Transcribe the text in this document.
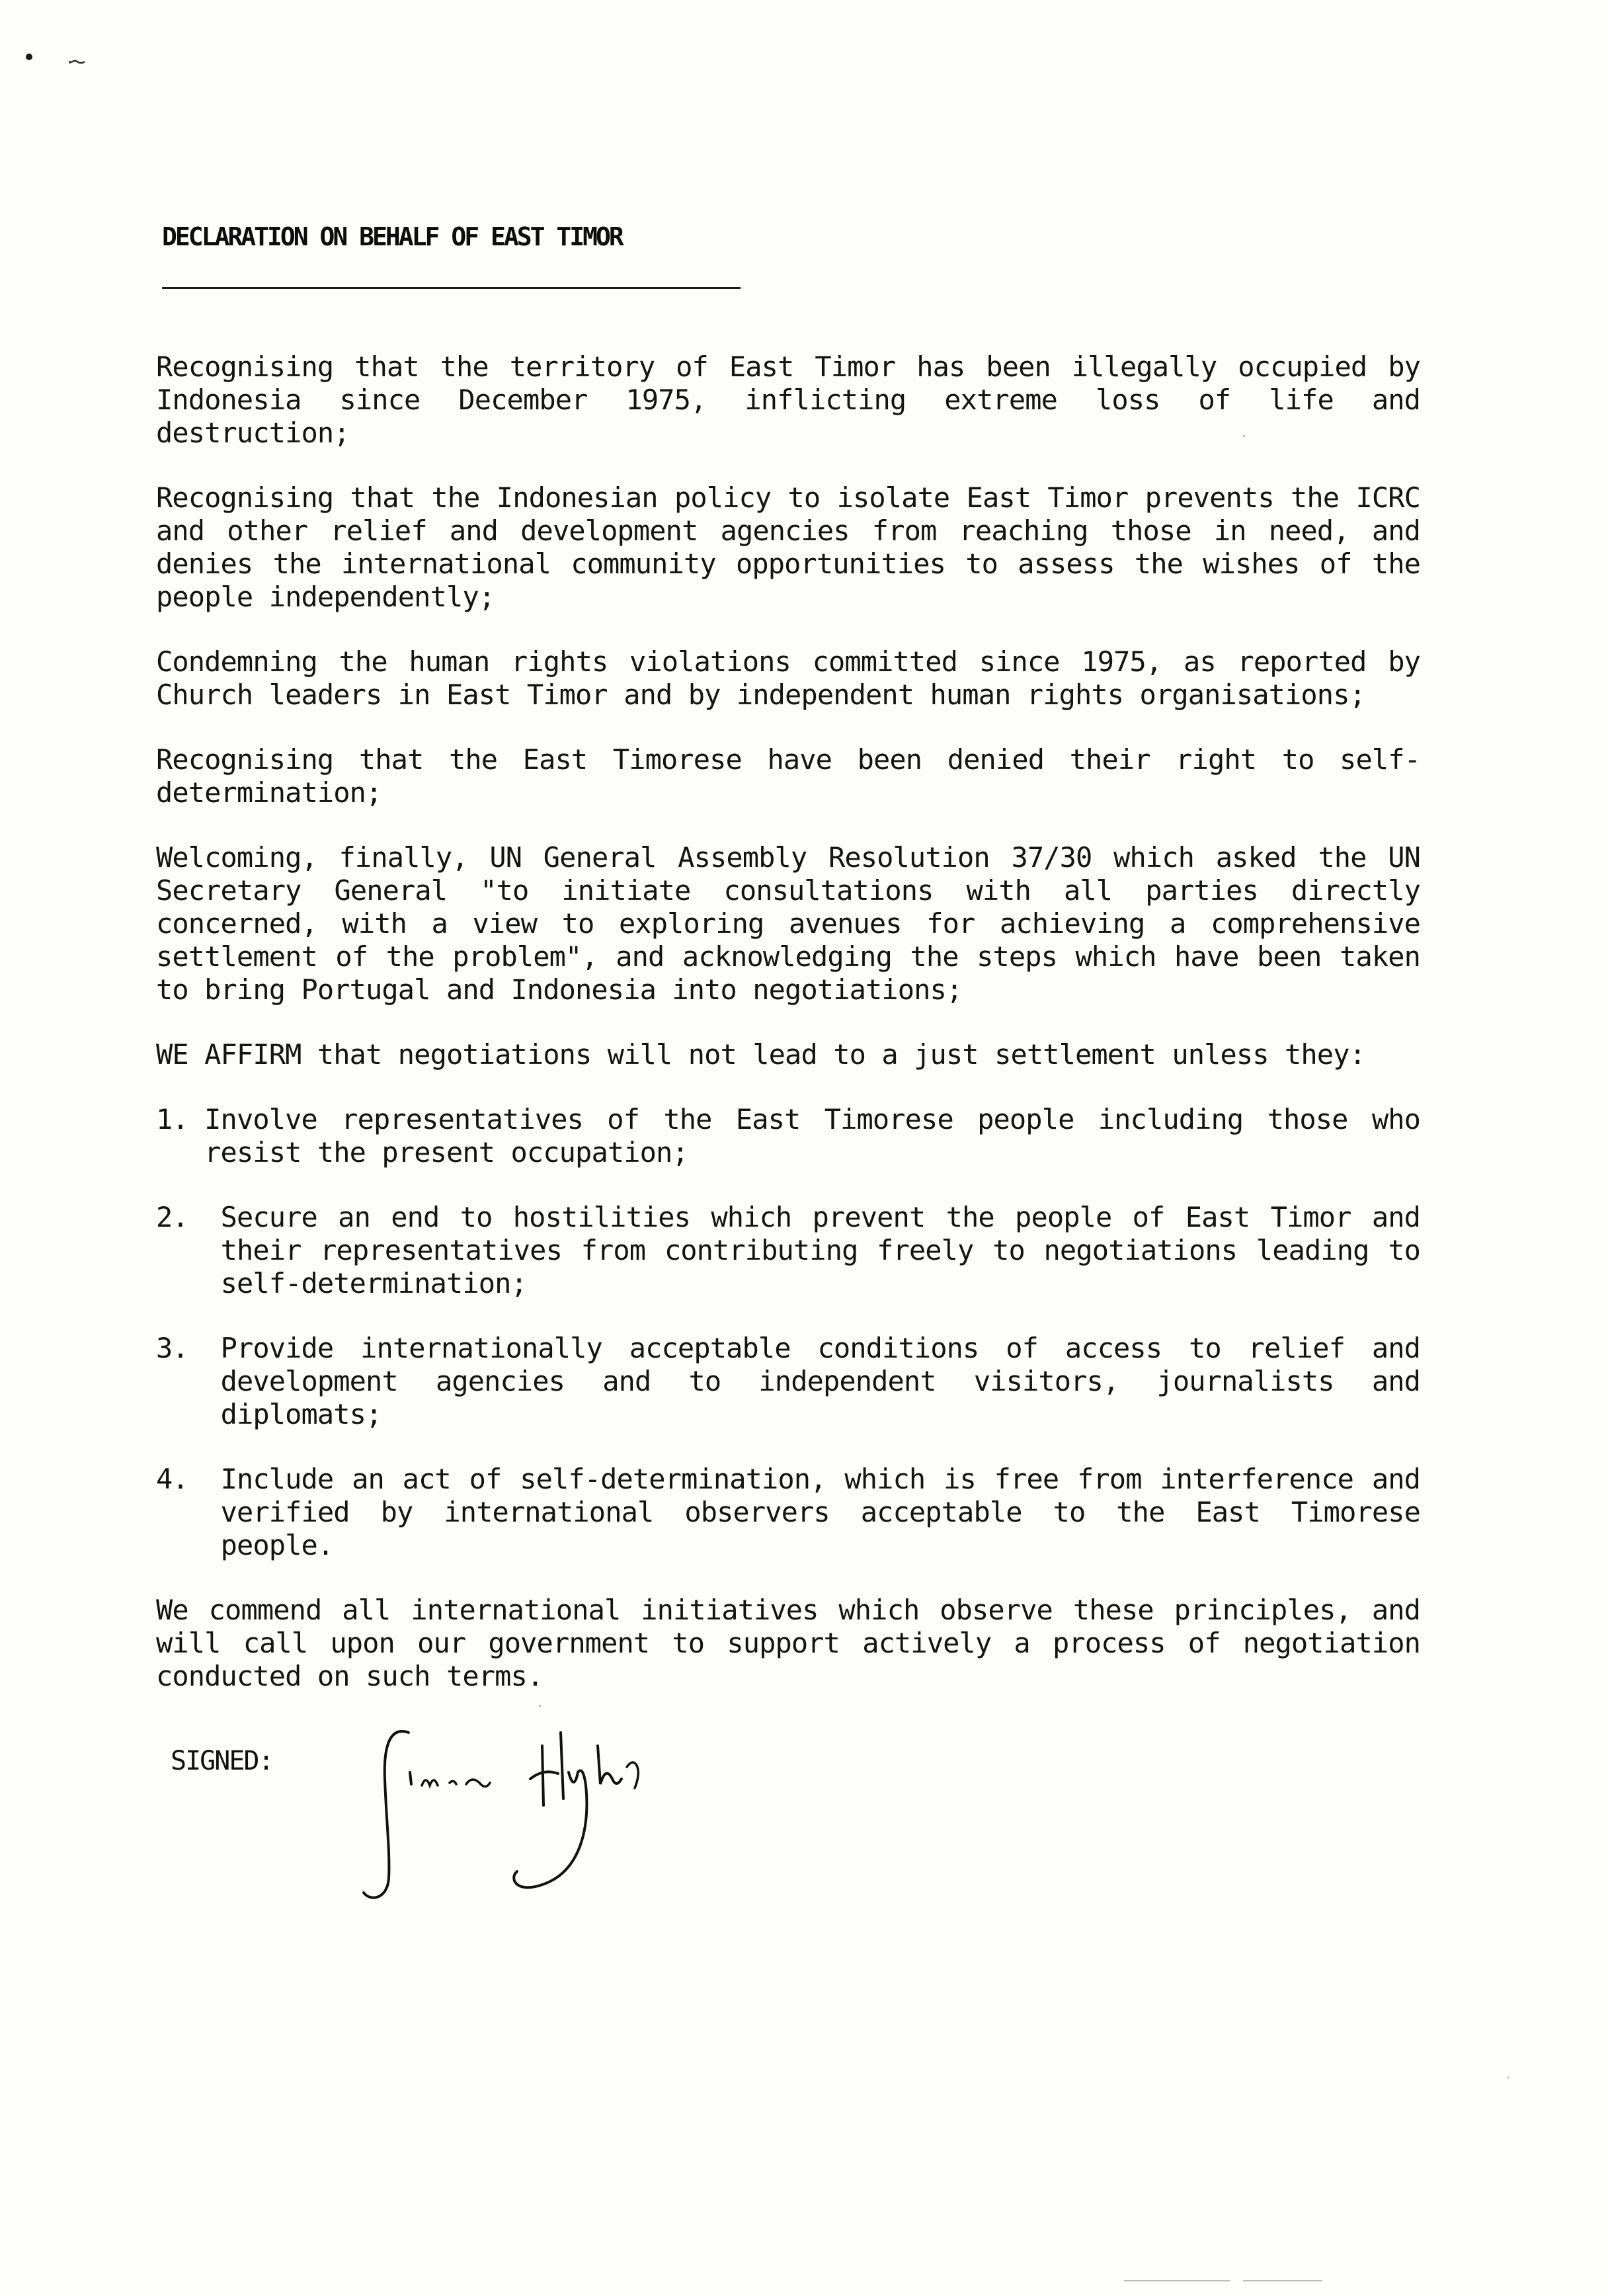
DECLARATION ON BEHALF OF EAST TIMOR

Recognising that the territory of East Timor has been illegally occupied by Indonesia since December 1975, inflicting extreme loss of life and destruction;

Recognising that the Indonesian policy to isolate East Timor prevents the ICRC and other relief and development agencies from reaching those in need, and denies the international community opportunities to assess the wishes of the people independently;

Condemning the human rights violations committed since 1975, as reported by Church leaders in East Timor and by independent human rights organisations;

Recognising that the East Timorese have been denied their right to self-determination;

Welcoming, finally, UN General Assembly Resolution 37/30 which asked the UN Secretary General "to initiate consultations with all parties directly concerned, with a view to exploring avenues for achieving a comprehensive settlement of the problem", and acknowledging the steps which have been taken to bring Portugal and Indonesia into negotiations;

WE AFFIRM that negotiations will not lead to a just settlement unless they:

1.
Involve representatives of the East Timorese people including those who resist the present occupation;
2.
Secure an end to hostilities which prevent the people of East Timor and their representatives from contributing freely to negotiations leading to self-determination;
3.
Provide internationally acceptable conditions of access to relief and development agencies and to independent visitors, journalists and diplomats;
4.
Include an act of self-determination, which is free from interference and verified by international observers acceptable to the East Timorese people.

We commend all international initiatives which observe these principles, and will call upon our government to support actively a process of negotiation conducted on such terms.

SIGNED:
